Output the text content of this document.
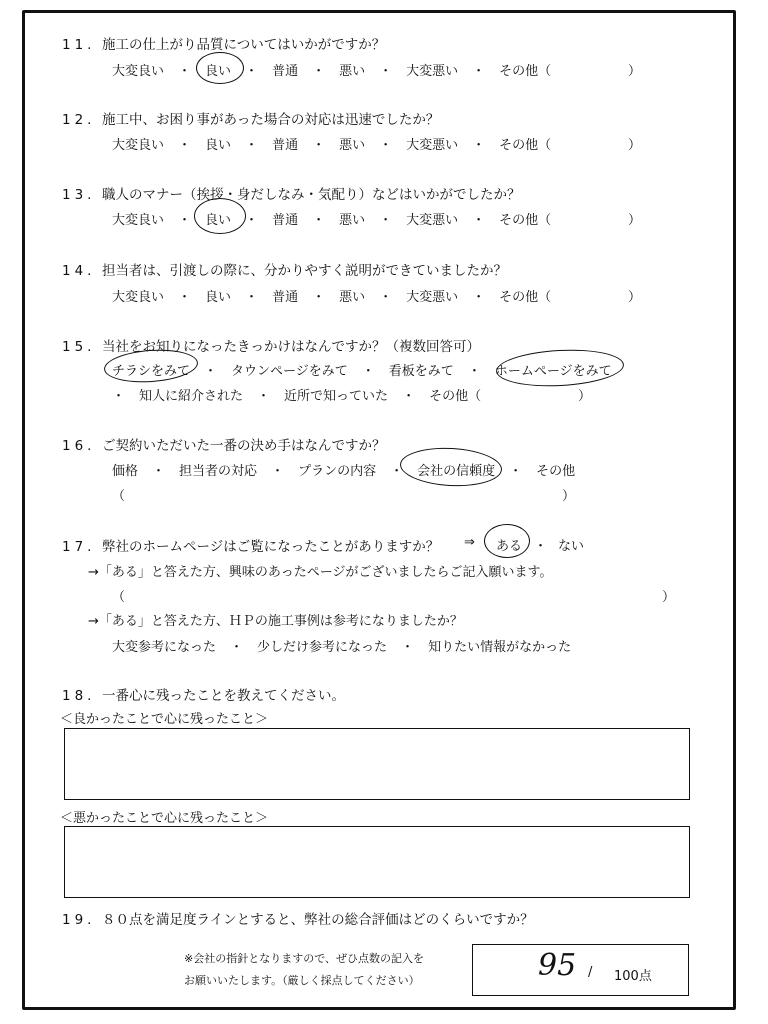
11. 施工の仕上がり品質についてはいかがですか？
大変良い ・ 良い ・ 普通 ・ 悪い ・ 大変悪い ・ その他（	）
12. 施工中、お困り事があった場合の対応は迅速でしたか？
大変良い ・ 良い ・ 普通 ・ 悪い ・ 大変悪い ・ その他（	）
13. 職人のマナー（挨拶・身だしなみ・気配り）などはいかがでしたか？
大変良い ・ 良い ・ 普通 ・ 悪い ・ 大変悪い ・ その他（	）
14. 担当者は、引渡しの際に、分かりやすく説明ができていましたか？
大変良い ・ 良い ・ 普通 ・ 悪い ・ 大変悪い ・ その他（	）
15. 当社をお知りになったきっかけはなんですか？（複数回答可）
チラシをみて ・ タウンページをみて ・ 看板をみて ・ ホームページをみて
・ 知人に紹介された ・ 近所で知っていた ・ その他（	）
16. ご契約いただいた一番の決め手はなんですか？
価格 ・ 担当者の対応 ・ プランの内容 ・ 会社の信頼度 ・ その他
（	）
17. 弊社のホームページはご覧になったことがありますか？ ⇒ ある ・ ない
→「ある」と答えた方、興味のあったページがございましたらご記入願います。
（	）
→「ある」と答えた方、ＨＰの施工事例は参考になりましたか？
大変参考になった ・ 少しだけ参考になった ・ 知りたい情報がなかった
18. 一番心に残ったことを教えてください。
＜良かったことで心に残ったこと＞
＜悪かったことで心に残ったこと＞
19. ８０点を満足度ラインとすると、弊社の総合評価はどのくらいですか？
※会社の指針となりますので、ぜひ点数の記入を
お願いいたします。（厳しく採点してください）	95 / 100点
